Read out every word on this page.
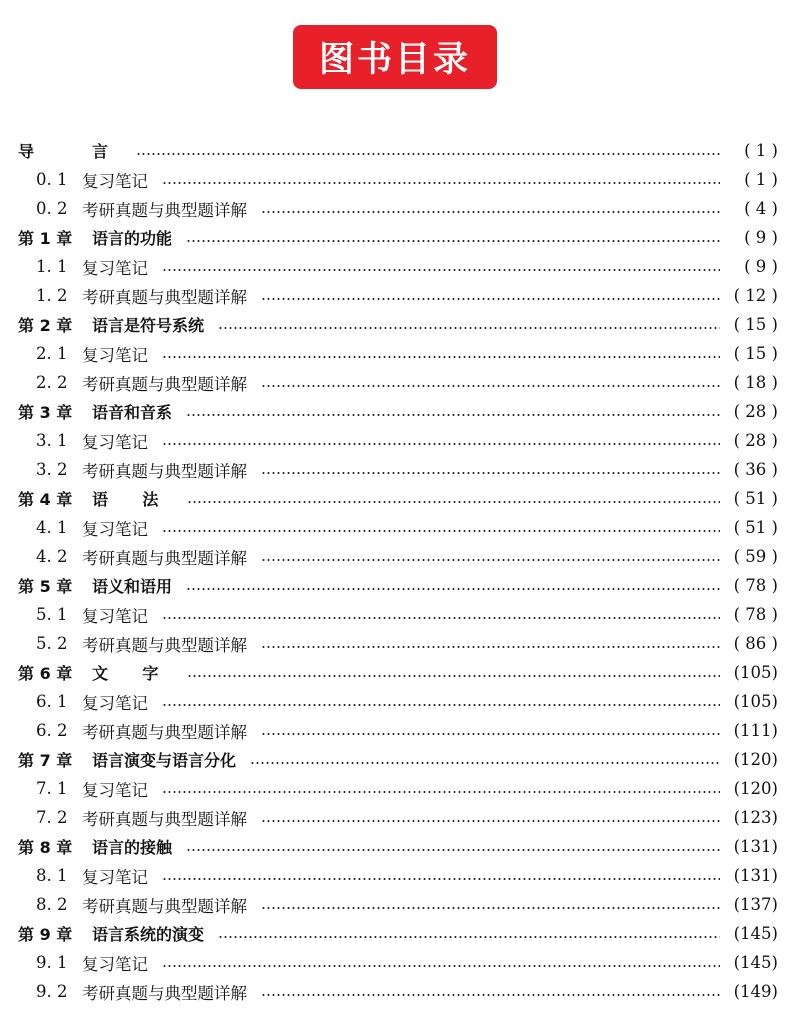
图书目录
导	言	( 1 )
0. 1 复习笔记	( 1 )
0. 2 考研真题与典型题详解	( 4 )
第 1 章	语言的功能	( 9 )
1. 1 复习笔记	( 9 )
1. 2 考研真题与典型题详解	( 12 )
第 2 章	语言是符号系统	( 15 )
2. 1 复习笔记	( 15 )
2. 2 考研真题与典型题详解	( 18 )
第 3 章	语音和音系	( 28 )
3. 1 复习笔记	( 28 )
3. 2 考研真题与典型题详解	( 36 )
第 4 章	语 法	( 51 )
4. 1 复习笔记	( 51 )
4. 2 考研真题与典型题详解	( 59 )
第 5 章	语义和语用	( 78 )
5. 1 复习笔记	( 78 )
5. 2 考研真题与典型题详解	( 86 )
第 6 章	文 字	(105)
6. 1 复习笔记	(105)
6. 2 考研真题与典型题详解	(111)
第 7 章	语言演变与语言分化	(120)
7. 1 复习笔记	(120)
7. 2 考研真题与典型题详解	(123)
第 8 章	语言的接触	(131)
8. 1 复习笔记	(131)
8. 2 考研真题与典型题详解	(137)
第 9 章	语言系统的演变	(145)
9. 1 复习笔记	(145)
9. 2 考研真题与典型题详解	(149)
